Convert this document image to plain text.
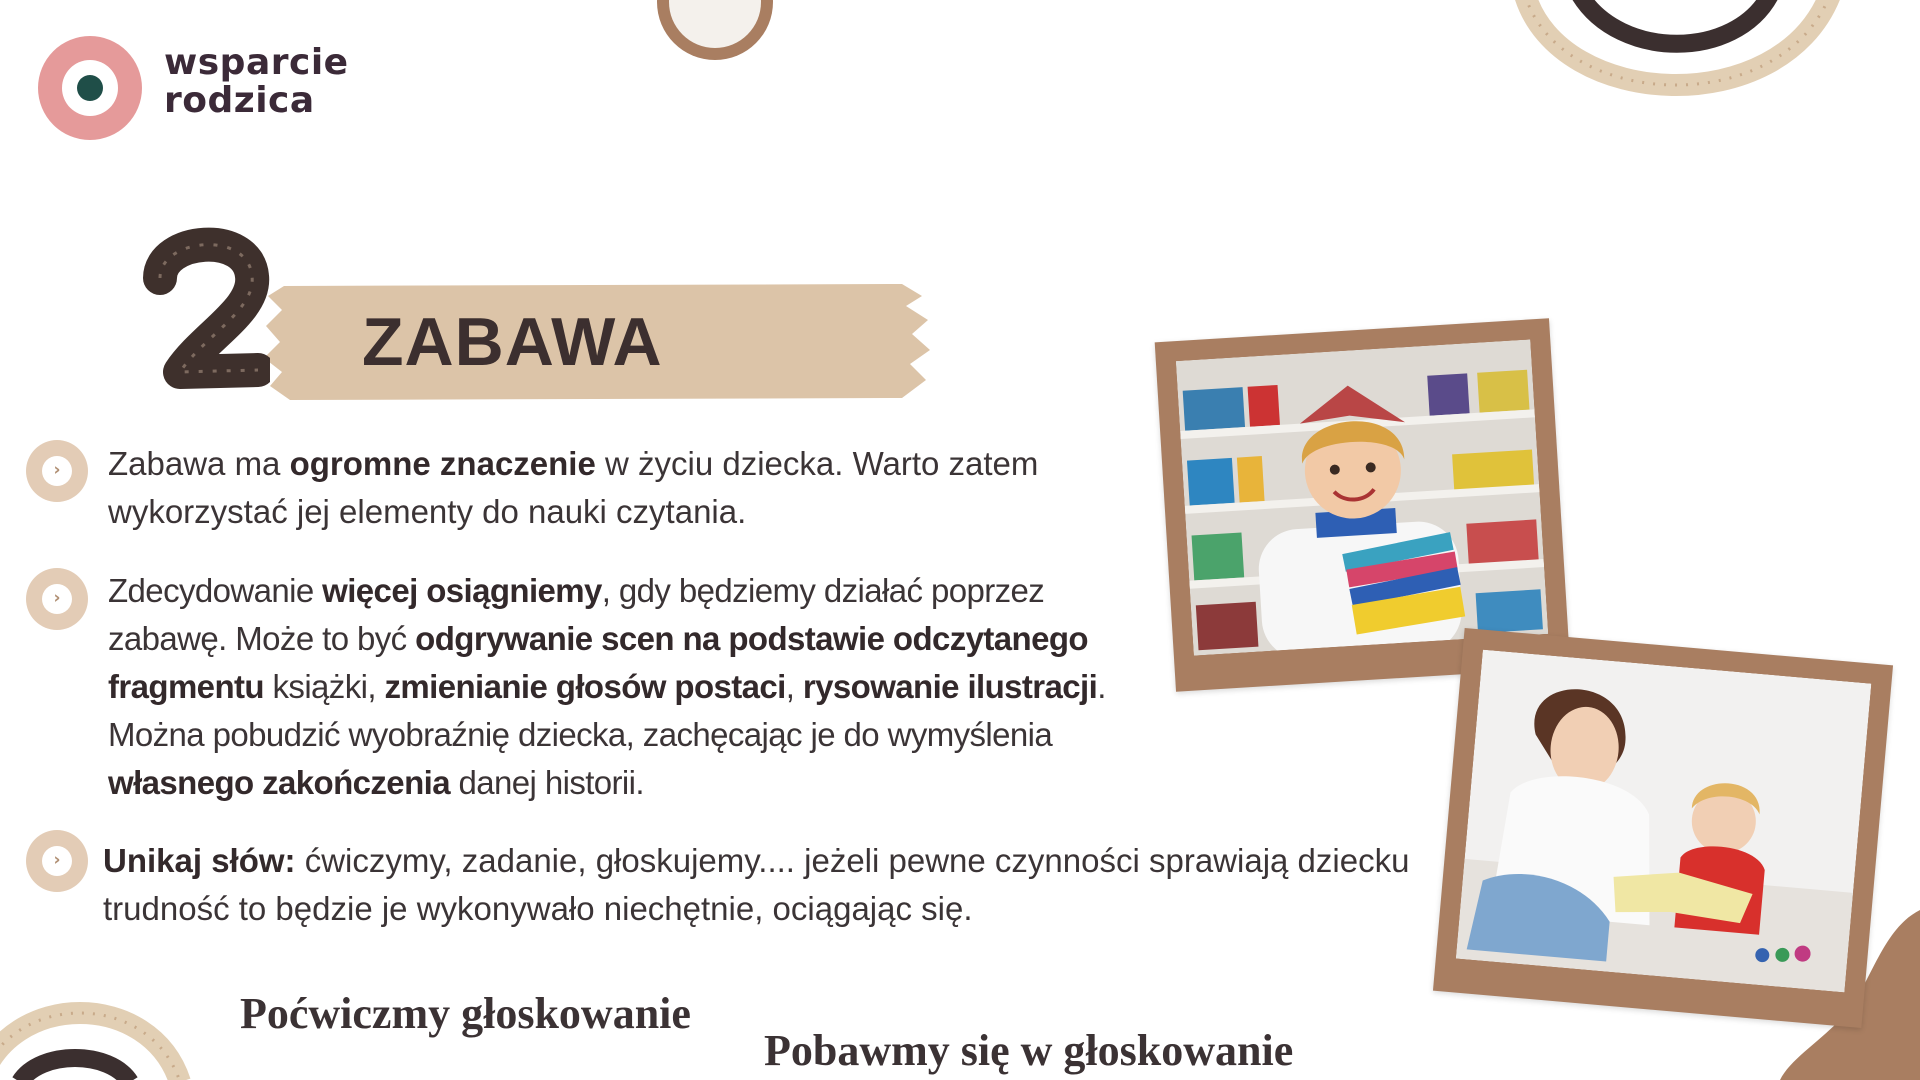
wsparcie
rodzica
ZABAWA
›	Zabawa ma ogromne znaczenie w życiu dziecka. Warto zatem wykorzystać jej elementy do nauki czytania.
›	Zdecydowanie więcej osiągniemy, gdy będziemy działać poprzez zabawę. Może to być odgrywanie scen na podstawie odczytanego fragmentu książki, zmienianie głosów postaci, rysowanie ilustracji. Można pobudzić wyobraźnię dziecka, zachęcając je do wymyślenia własnego zakończenia danej historii.
›	Unikaj słów: ćwiczymy, zadanie, głoskujemy.... jeżeli pewne czynności sprawiają dziecku trudność to będzie je wykonywało niechętnie, ociągając się.
Poćwiczmy głoskowanie
Pobawmy się w głoskowanie
